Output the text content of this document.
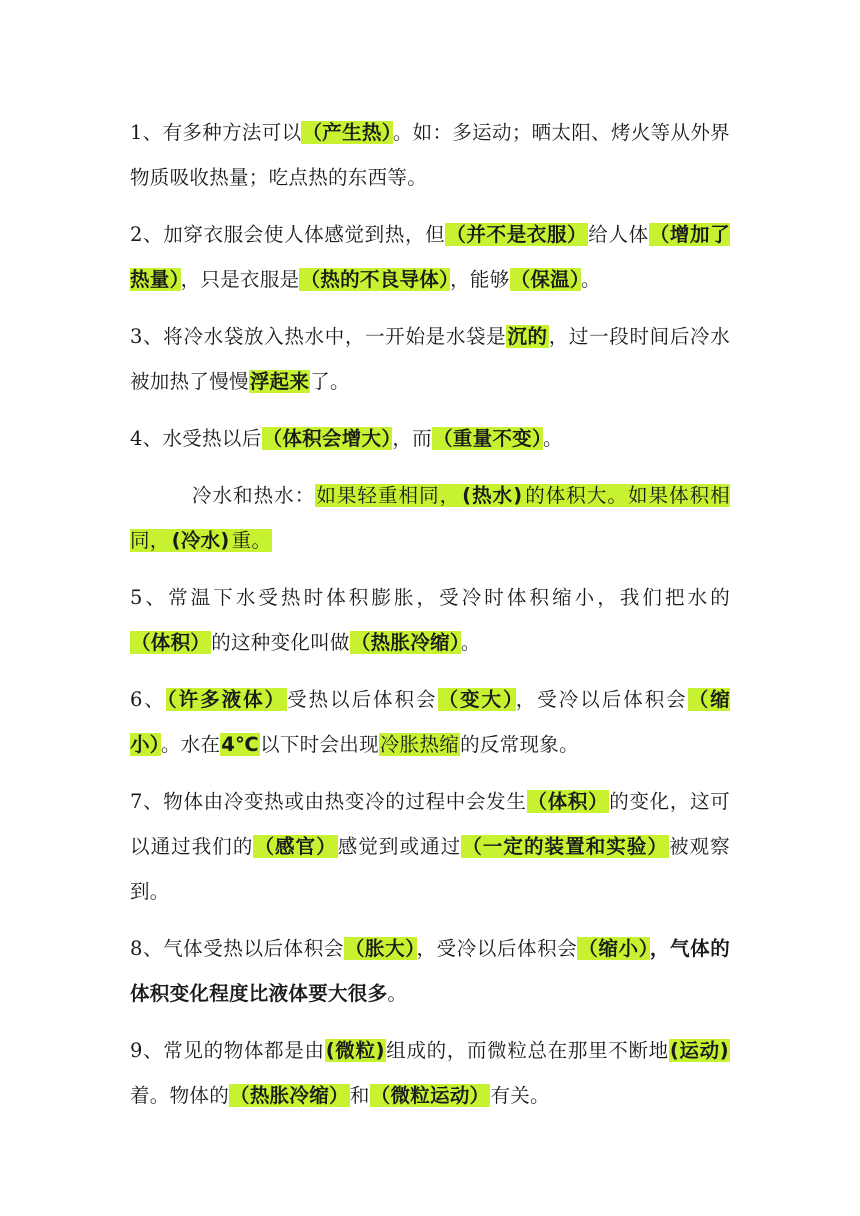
1、有多种方法可以（产生热）。如：多运动；晒太阳、烤火等从外界物质吸收热量；吃点热的东西等。

2、加穿衣服会使人体感觉到热，但（并不是衣服）给人体（增加了热量），只是衣服是（热的不良导体），能够（保温）。

3、将冷水袋放入热水中，一开始是水袋是沉的，过一段时间后冷水被加热了慢慢浮起来了。

4、水受热以后（体积会增大），而（重量不变）。

冷水和热水：如果轻重相同， (热水) 的体积大。如果体积相同， (冷水) 重。

5、常温下水受热时体积膨胀，受冷时体积缩小，我们把水的（体积）的这种变化叫做（热胀冷缩）。

6、（许多液体）受热以后体积会（变大），受冷以后体积会（缩小）。水在4℃以下时会出现冷胀热缩的反常现象。

7、物体由冷变热或由热变冷的过程中会发生（体积）的变化，这可以通过我们的（感官）感觉到或通过（一定的装置和实验）被观察到。

8、气体受热以后体积会（胀大），受冷以后体积会（缩小），气体的体积变化程度比液体要大很多。

9、常见的物体都是由(微粒)组成的，而微粒总在那里不断地(运动)着。物体的（热胀冷缩）和（微粒运动）有关。
